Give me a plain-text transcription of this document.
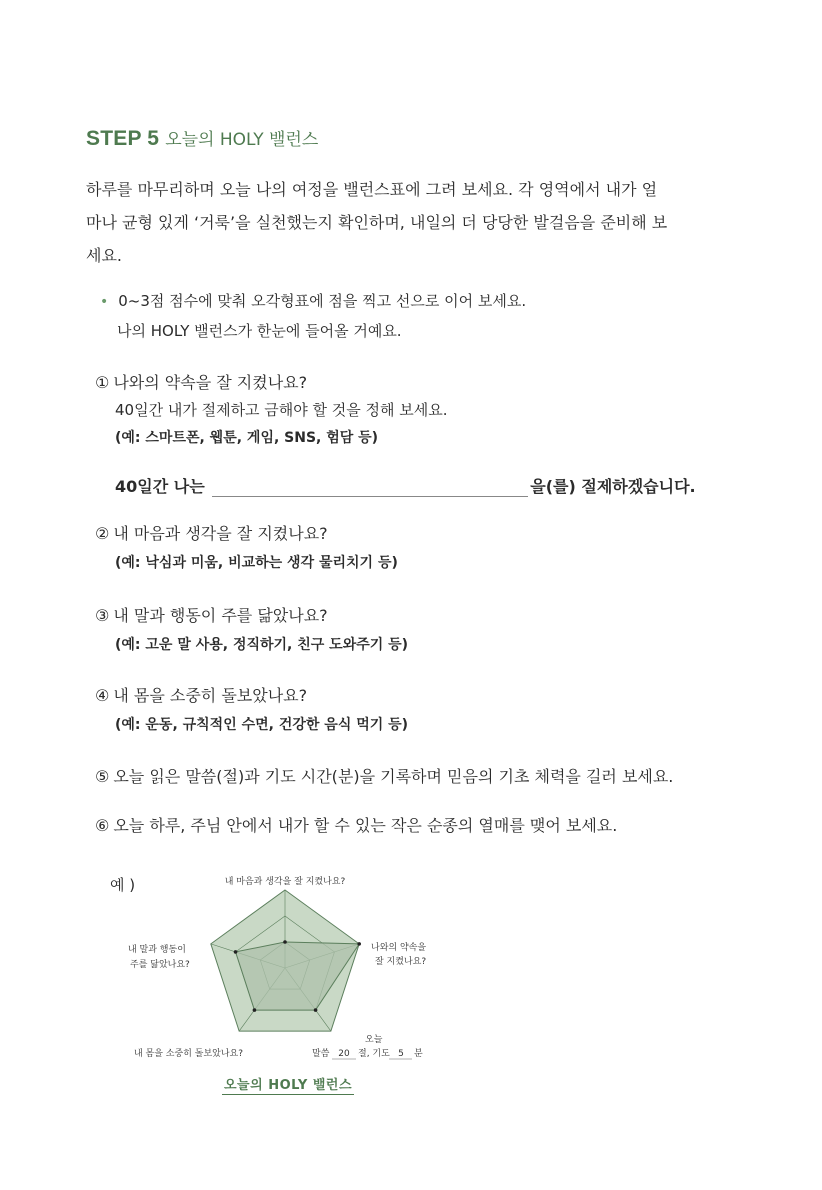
STEP 5 오늘의 HOLY 밸런스
하루를 마무리하며 오늘 나의 여정을 밸런스표에 그려 보세요. 각 영역에서 내가 얼
마나 균형 있게 ‘거룩’을 실천했는지 확인하며, 내일의 더 당당한 발걸음을 준비해 보
세요.
• 0~3점 점수에 맞춰 오각형표에 점을 찍고 선으로 이어 보세요.
나의 HOLY 밸런스가 한눈에 들어올 거예요.
① 나와의 약속을 잘 지켰나요?
40일간 내가 절제하고 금해야 할 것을 정해 보세요.
(예: 스마트폰, 웹툰, 게임, SNS, 험담 등)
40일간 나는	을(를) 절제하겠습니다.
② 내 마음과 생각을 잘 지켰나요?
(예: 낙심과 미움, 비교하는 생각 물리치기 등)
③ 내 말과 행동이 주를 닮았나요?
(예: 고운 말 사용, 정직하기, 친구 도와주기 등)
④ 내 몸을 소중히 돌보았나요?
(예: 운동, 규칙적인 수면, 건강한 음식 먹기 등)
⑤ 오늘 읽은 말씀(절)과 기도 시간(분)을 기록하며 믿음의 기초 체력을 길러 보세요.
⑥ 오늘 하루, 주님 안에서 내가 할 수 있는 작은 순종의 열매를 맺어 보세요.
예 )	내 마음과 생각을 잘 지켰나요?
나와의 약속을
잘 지켰나요?
내 말과 행동이
주를 닮았나요?
내 몸을 소중히 돌보았나요?
오늘
말씀 20 절, 기도 5 분
오늘의 HOLY 밸런스
